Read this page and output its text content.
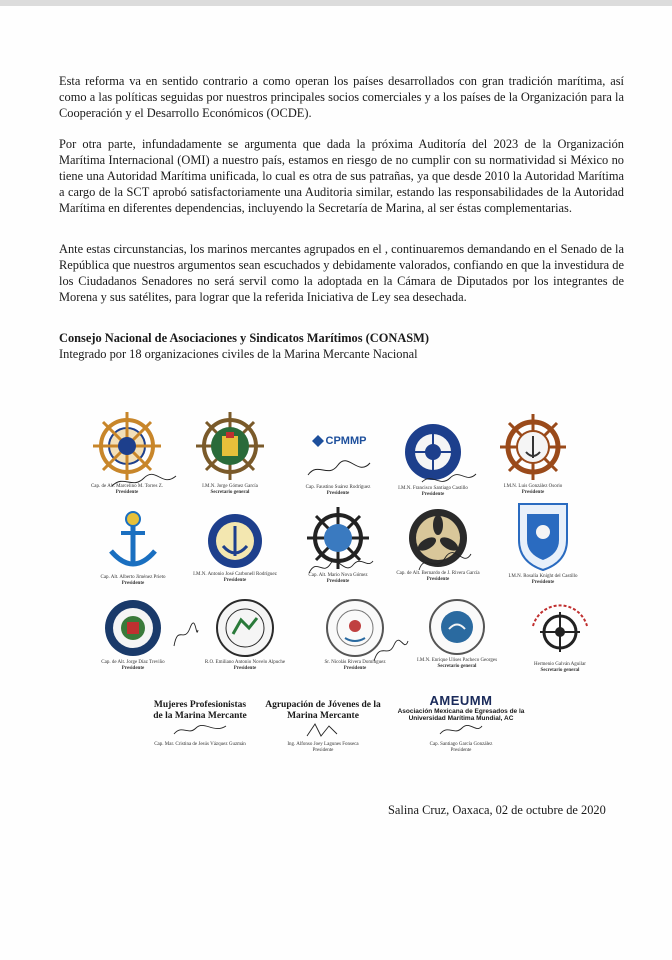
Esta reforma va en sentido contrario a como operan los países desarrollados con gran tradición marítima, así como a las políticas seguidas por nuestros principales socios comerciales y a los países de la Organización para la Cooperación y el Desarrollo Económicos (OCDE).

Por otra parte, infundadamente se argumenta que dada la próxima Auditoría del 2023 de la Organización Marítima Internacional (OMI) a nuestro país, estamos en riesgo de no cumplir con su normatividad si México no tiene una Autoridad Marítima unificada, lo cual es otra de sus patrañas, ya que desde 2010 la Autoridad Marítima a cargo de la SCT aprobó satisfactoriamente una Auditoria similar, estando las responsabilidades de la Autoridad Marítima en diferentes dependencias, incluyendo la Secretaría de Marina, al ser éstas complementarias.

Ante estas circunstancias, los marinos mercantes agrupados en el , continuaremos demandando en el Senado de la República que nuestros argumentos sean escuchados y debidamente valorados, confiando en que la investidura de los Ciudadanos Senadores no será servil como la adoptada en la Cámara de Diputados por los integrantes de Morena y sus satélites, para lograr que la referida Iniciativa de Ley sea desechada.

Consejo Nacional de Asociaciones y Sindicatos Marítimos (CONASM)
Integrado por 18 organizaciones civiles de la Marina Mercante Nacional
Cap. de Alt. Marcelino M. Torres Z.
Presidente
I.M.N. Jorge Gómez García
Secretario general
CPMMP
Cap. Faustino Suárez Rodríguez
Presidente
I.M.N. Francisco Santiago Castillo
Presidente
I.M.N. Luis González Osorio
Presidente
Cap. Alt. Alberto Jiménez Prieto
Presidente
I.M.N. Antonio José Carbonell Rodríguez
Presidente
Cap. Alt. Mario Nova Gómez
Presidente
Cap. de Alt. Bernardo de J. Rivera García
Presidente
I.M.N. Rosalía Knight del Castillo
Presidente
Cap. de Alt. Jorge Díaz Treviño
Presidente
R.O. Emiliano Antonio Novelo Alpuche
Presidente
Sr. Nicolás Rivera Domínguez
Presidente
I.M.N. Enrique Ulises Pacheco Georges
Secretario general	Hermenio Galván Aguilar
Secretario general
Mujeres Profesionistas
de la Marina Mercante
Cap. Mar. Cristina de Jesús Vázquez Guzmán
Agrupación de Jóvenes de la
Marina Mercante
Ing. Alfonso Joey Lagunes Fonseca
Presidente
AMEUMM
Asociación Mexicana de Egresados de la
Universidad Marítima Mundial, AC
Cap. Santiago García González
Presidente
Salina Cruz, Oaxaca, 02 de octubre de 2020
